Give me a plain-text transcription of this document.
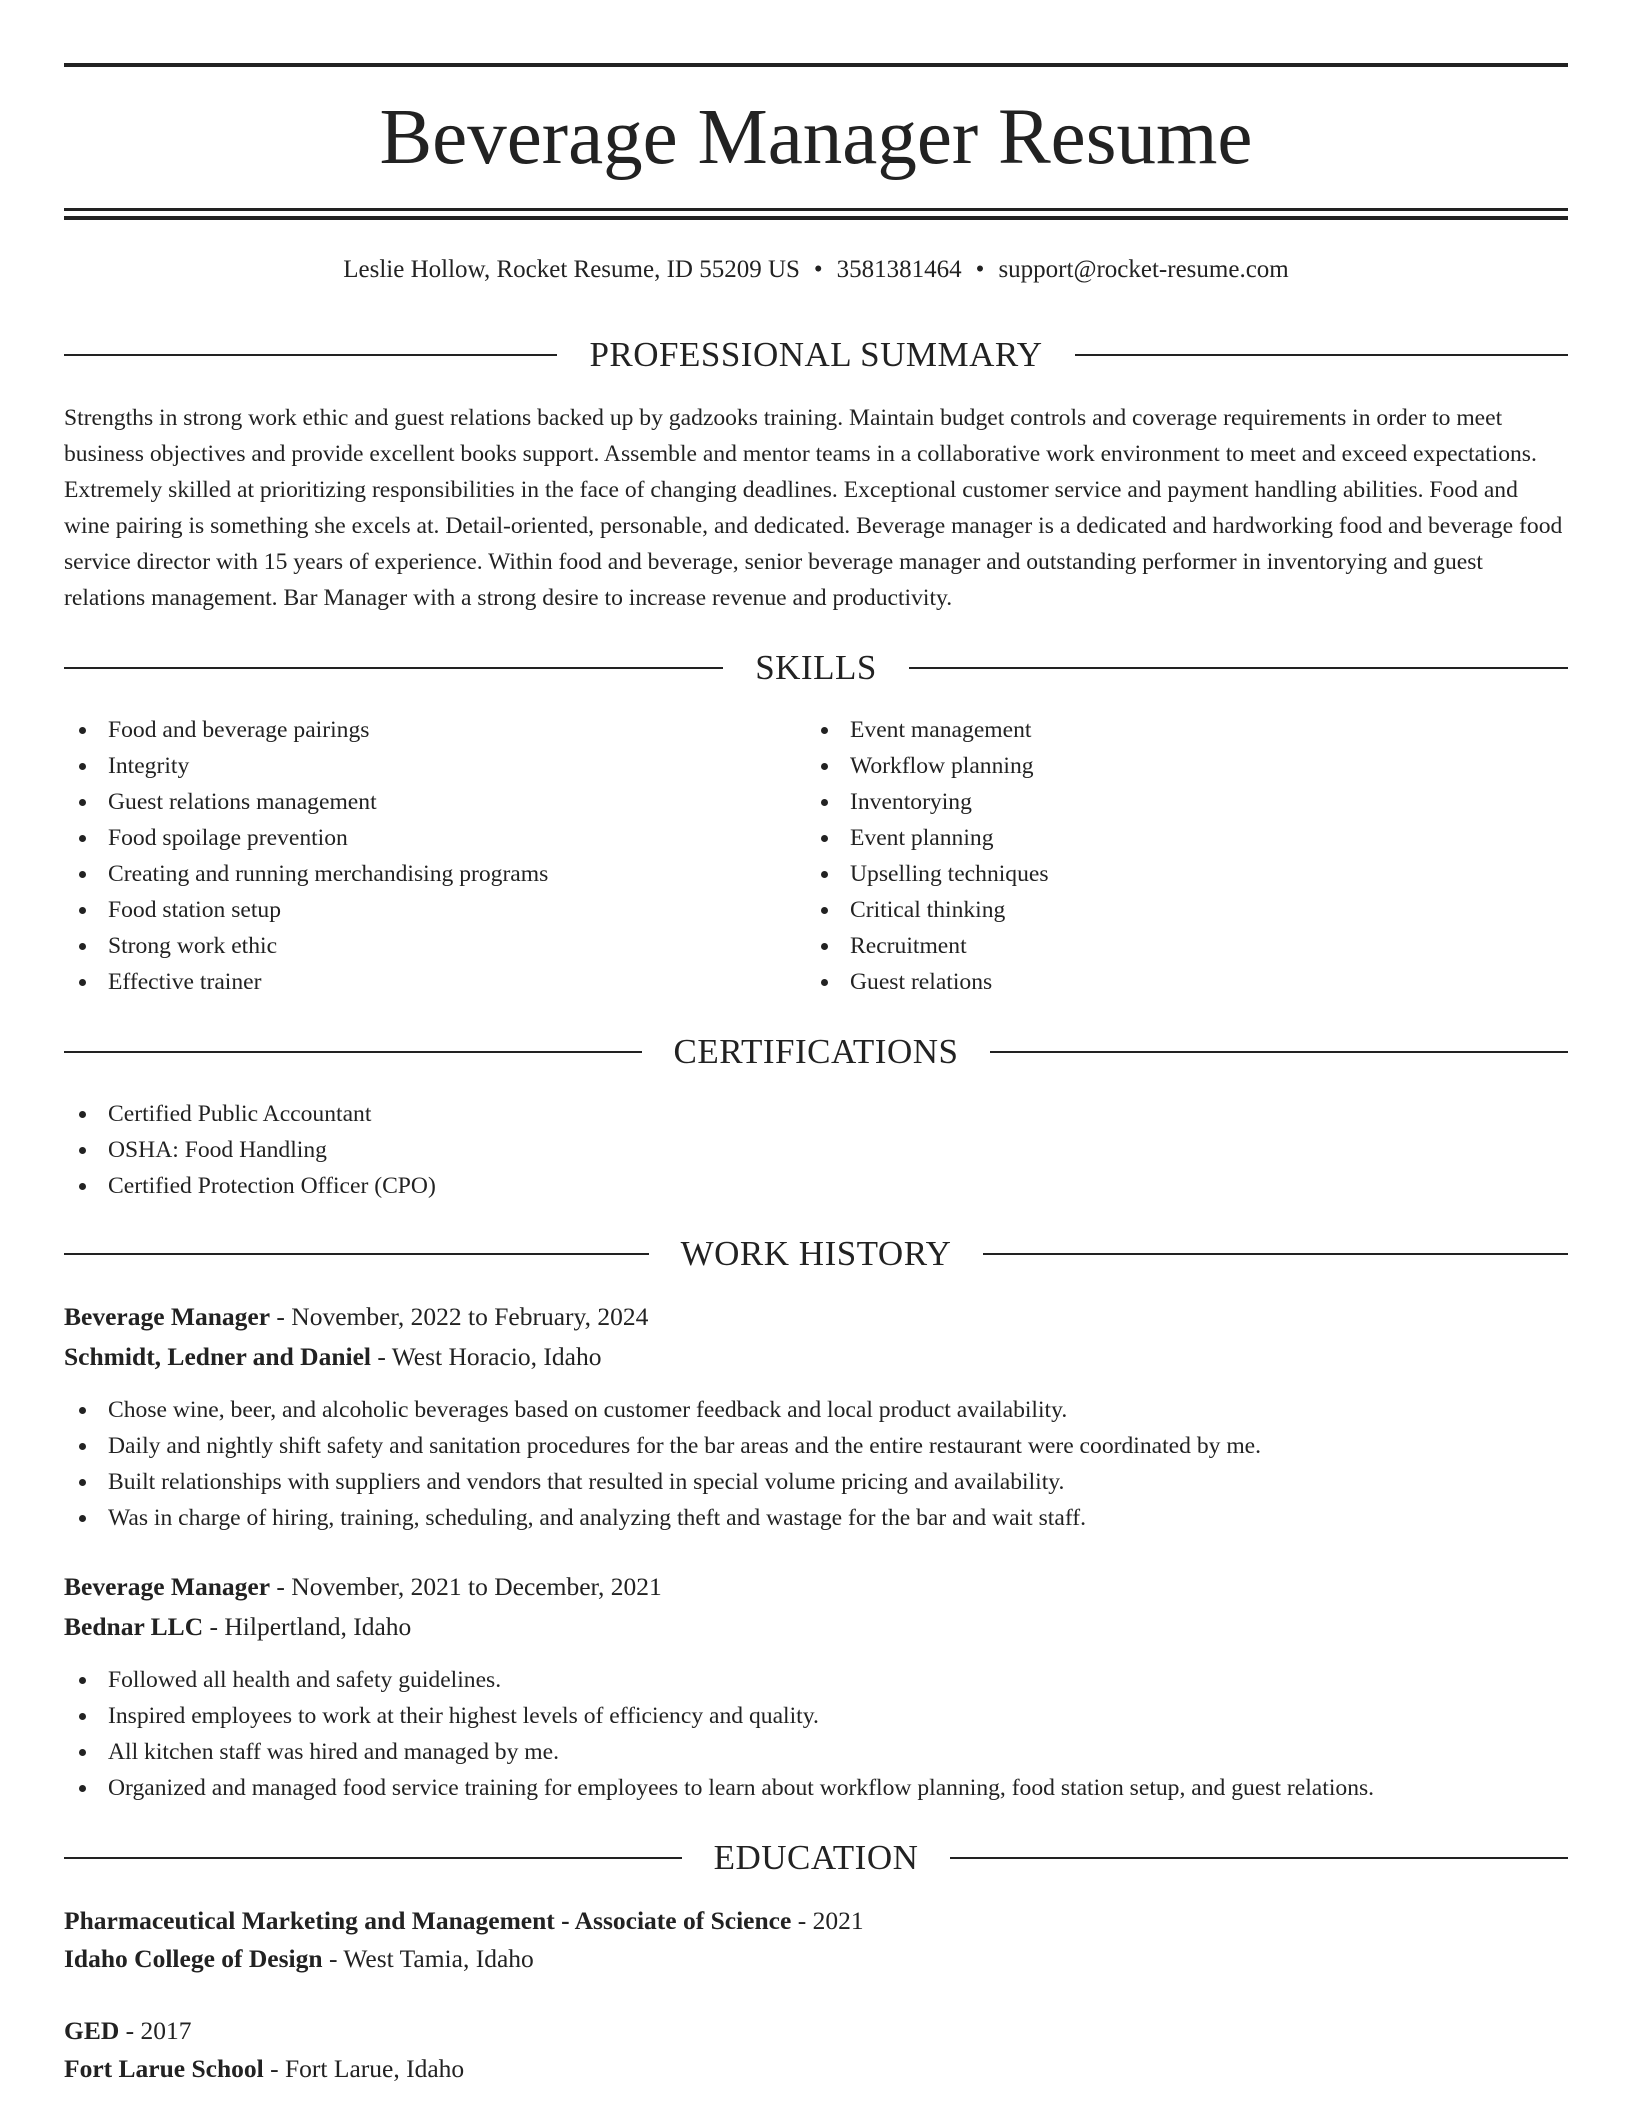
Beverage Manager Resume
Leslie Hollow, Rocket Resume, ID 55209 US • 3581381464 • support@rocket-resume.com
PROFESSIONAL SUMMARY

Strengths in strong work ethic and guest relations backed up by gadzooks training. Maintain budget controls and coverage requirements in order to meet business objectives and provide excellent books support. Assemble and mentor teams in a collaborative work environment to meet and exceed expectations. Extremely skilled at prioritizing responsibilities in the face of changing deadlines. Exceptional customer service and payment handling abilities. Food and wine pairing is something she excels at. Detail-oriented, personable, and dedicated. Beverage manager is a dedicated and hardworking food and beverage food service director with 15 years of experience. Within food and beverage, senior beverage manager and outstanding performer in inventorying and guest relations management. Bar Manager with a strong desire to increase revenue and productivity.

SKILLS
Food and beverage pairings
Integrity
Guest relations management
Food spoilage prevention
Creating and running merchandising programs
Food station setup
Strong work ethic
Effective trainer
Event management
Workflow planning
Inventorying
Event planning
Upselling techniques
Critical thinking
Recruitment
Guest relations
CERTIFICATIONS
Certified Public Accountant
OSHA: Food Handling
Certified Protection Officer (CPO)
WORK HISTORY
Beverage Manager - November, 2022 to February, 2024
Schmidt, Ledner and Daniel - West Horacio, Idaho
Chose wine, beer, and alcoholic beverages based on customer feedback and local product availability.
Daily and nightly shift safety and sanitation procedures for the bar areas and the entire restaurant were coordinated by me.
Built relationships with suppliers and vendors that resulted in special volume pricing and availability.
Was in charge of hiring, training, scheduling, and analyzing theft and wastage for the bar and wait staff.
Beverage Manager - November, 2021 to December, 2021
Bednar LLC - Hilpertland, Idaho
Followed all health and safety guidelines.
Inspired employees to work at their highest levels of efficiency and quality.
All kitchen staff was hired and managed by me.
Organized and managed food service training for employees to learn about workflow planning, food station setup, and guest relations.
EDUCATION
Pharmaceutical Marketing and Management - Associate of Science - 2021
Idaho College of Design - West Tamia, Idaho
GED - 2017
Fort Larue School - Fort Larue, Idaho
